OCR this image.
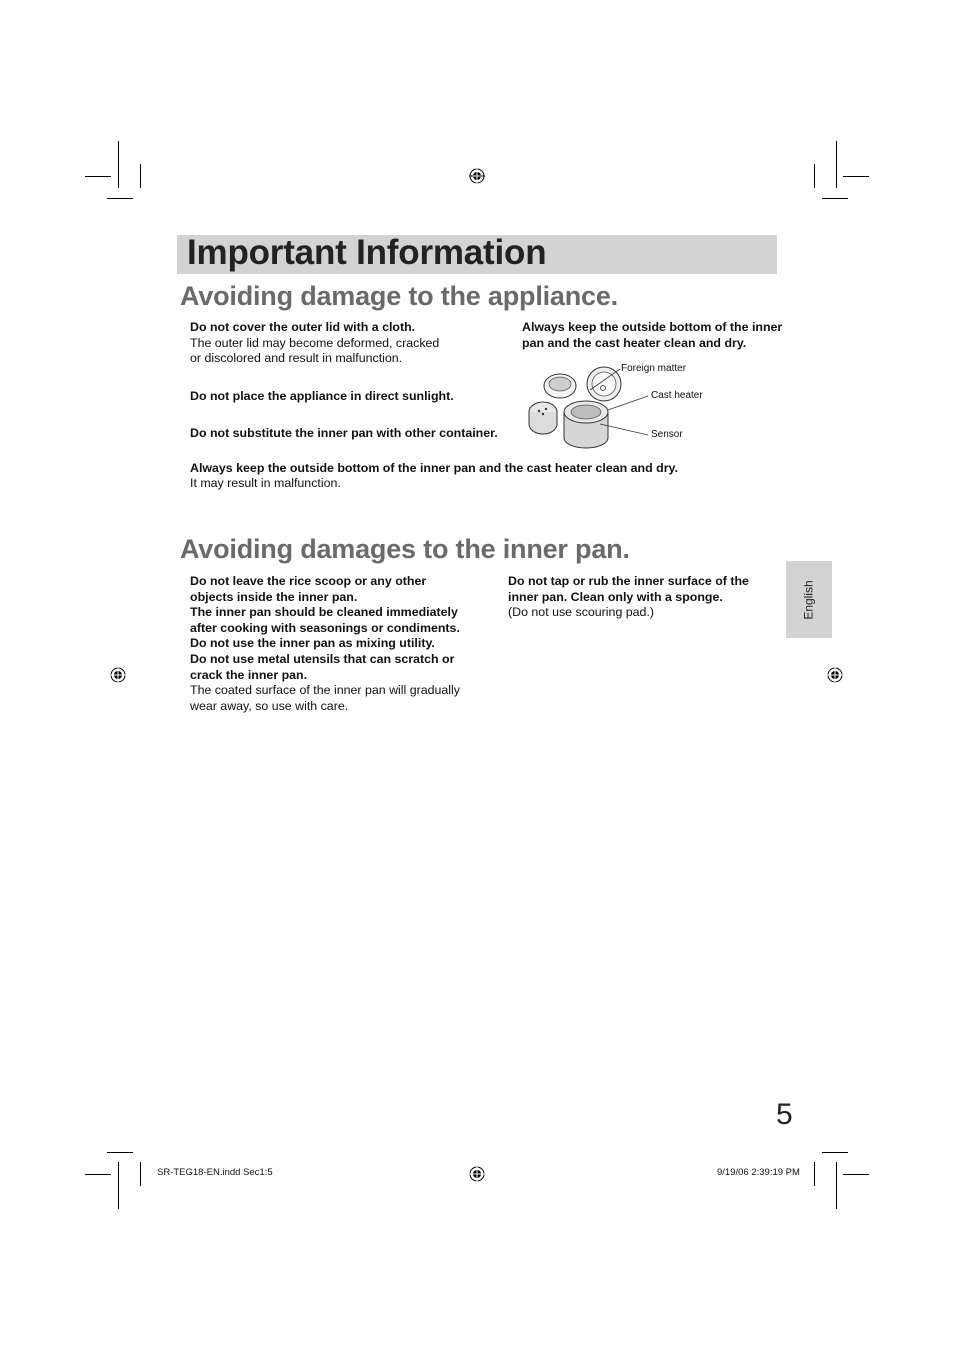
Important Information
Avoiding damage to the appliance.
Do not cover the outer lid with a cloth.
The outer lid may become deformed, cracked
or discolored and result in malfunction.
Do not place the appliance in direct sunlight.
Do not substitute the inner pan with other container.
Always keep the outside bottom of the inner
pan and the cast heater clean and dry.
Foreign matter
Cast heater
Sensor
Always keep the outside bottom of the inner pan and the cast heater clean and dry.
It may result in malfunction.
Avoiding damages to the inner pan.
Do not leave the rice scoop or any other
objects inside the inner pan.
The inner pan should be cleaned immediately
after cooking with seasonings or condiments.
Do not use the inner pan as mixing utility.
Do not use metal utensils that can scratch or
crack the inner pan.
The coated surface of the inner pan will gradually
wear away, so use with care.
Do not tap or rub the inner surface of the
inner pan. Clean only with a sponge.
(Do not use scouring pad.)	English
5
SR-TEG18-EN.indd Sec1:5	9/19/06 2:39:19 PM
